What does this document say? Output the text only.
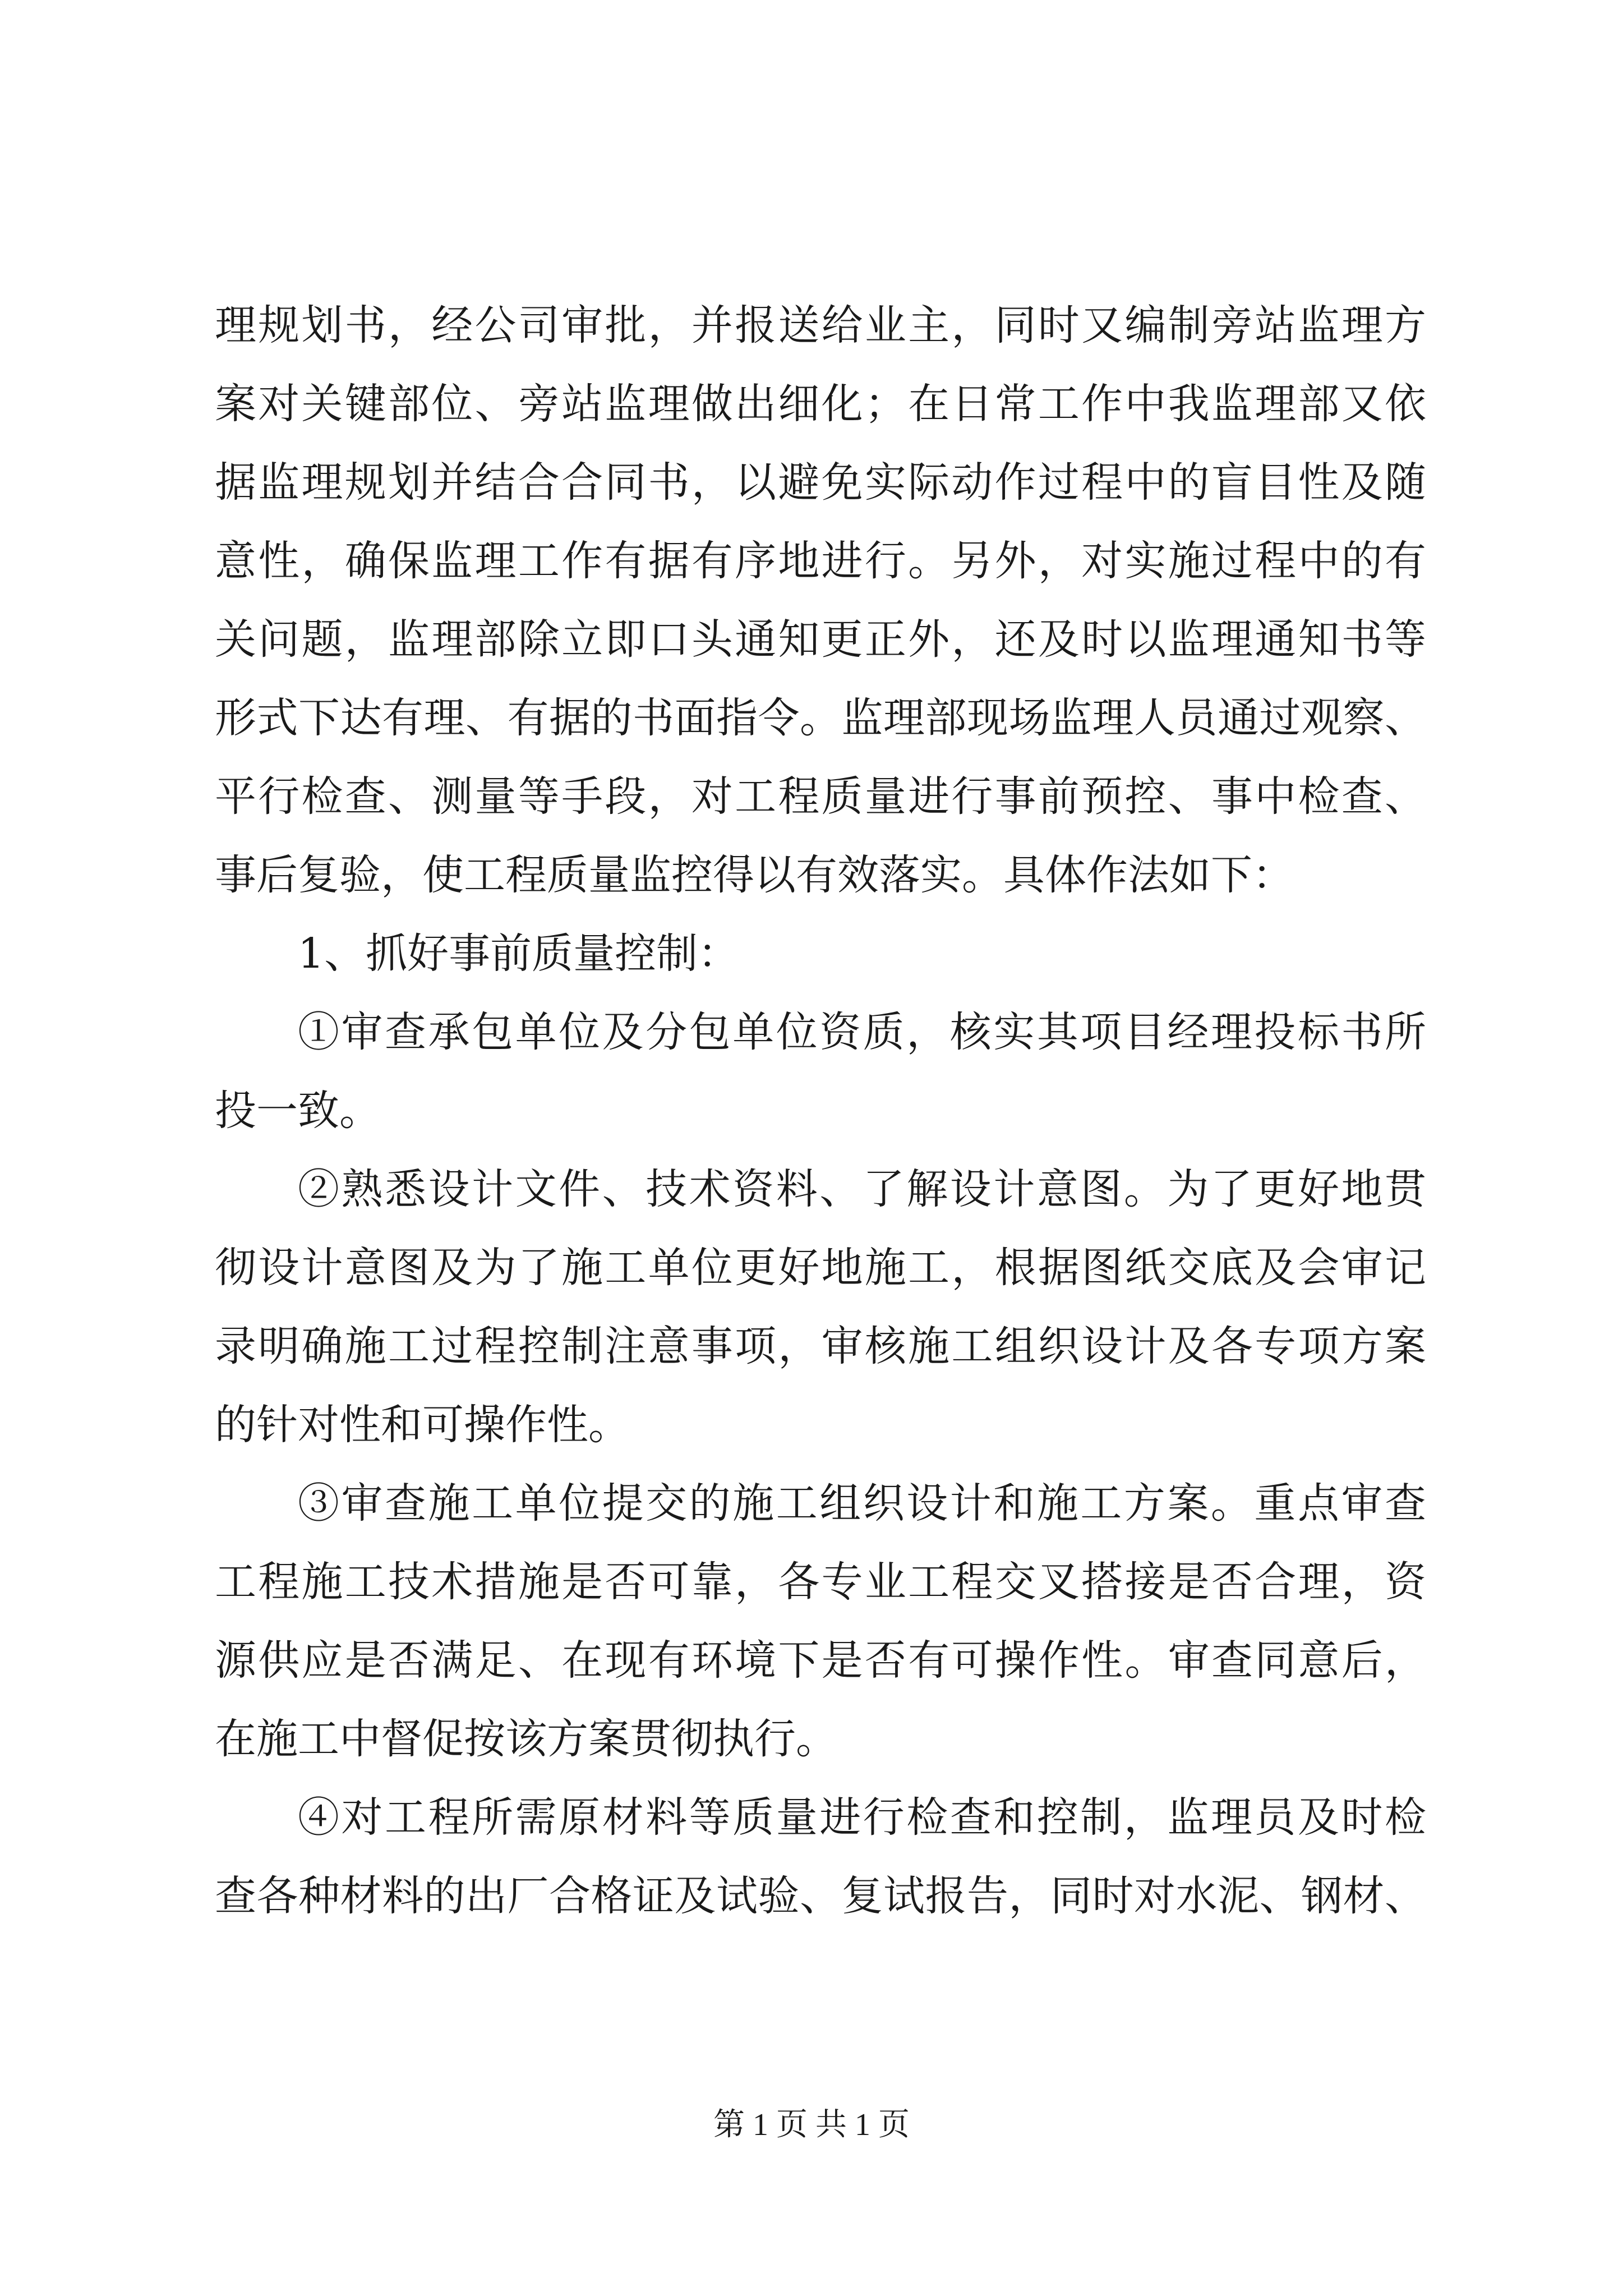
理规划书，经公司审批，并报送给业主，同时又编制旁站监理方
案对关键部位、旁站监理做出细化；在日常工作中我监理部又依
据监理规划并结合合同书，以避免实际动作过程中的盲目性及随
意性，确保监理工作有据有序地进行。另外，对实施过程中的有
关问题，监理部除立即口头通知更正外，还及时以监理通知书等
形式下达有理、有据的书面指令。监理部现场监理人员通过观察、
平行检查、测量等手段，对工程质量进行事前预控、事中检查、
事后复验，使工程质量监控得以有效落实。具体作法如下：
1、抓好事前质量控制：
①审查承包单位及分包单位资质，核实其项目经理投标书所
投一致。
②熟悉设计文件、技术资料、了解设计意图。为了更好地贯
彻设计意图及为了施工单位更好地施工，根据图纸交底及会审记
录明确施工过程控制注意事项，审核施工组织设计及各专项方案
的针对性和可操作性。
③审查施工单位提交的施工组织设计和施工方案。重点审查
工程施工技术措施是否可靠，各专业工程交叉搭接是否合理，资
源供应是否满足、在现有环境下是否有可操作性。审查同意后，
在施工中督促按该方案贯彻执行。
④对工程所需原材料等质量进行检查和控制，监理员及时检
查各种材料的出厂合格证及试验、复试报告，同时对水泥、钢材、
第 1 页 共 1 页
